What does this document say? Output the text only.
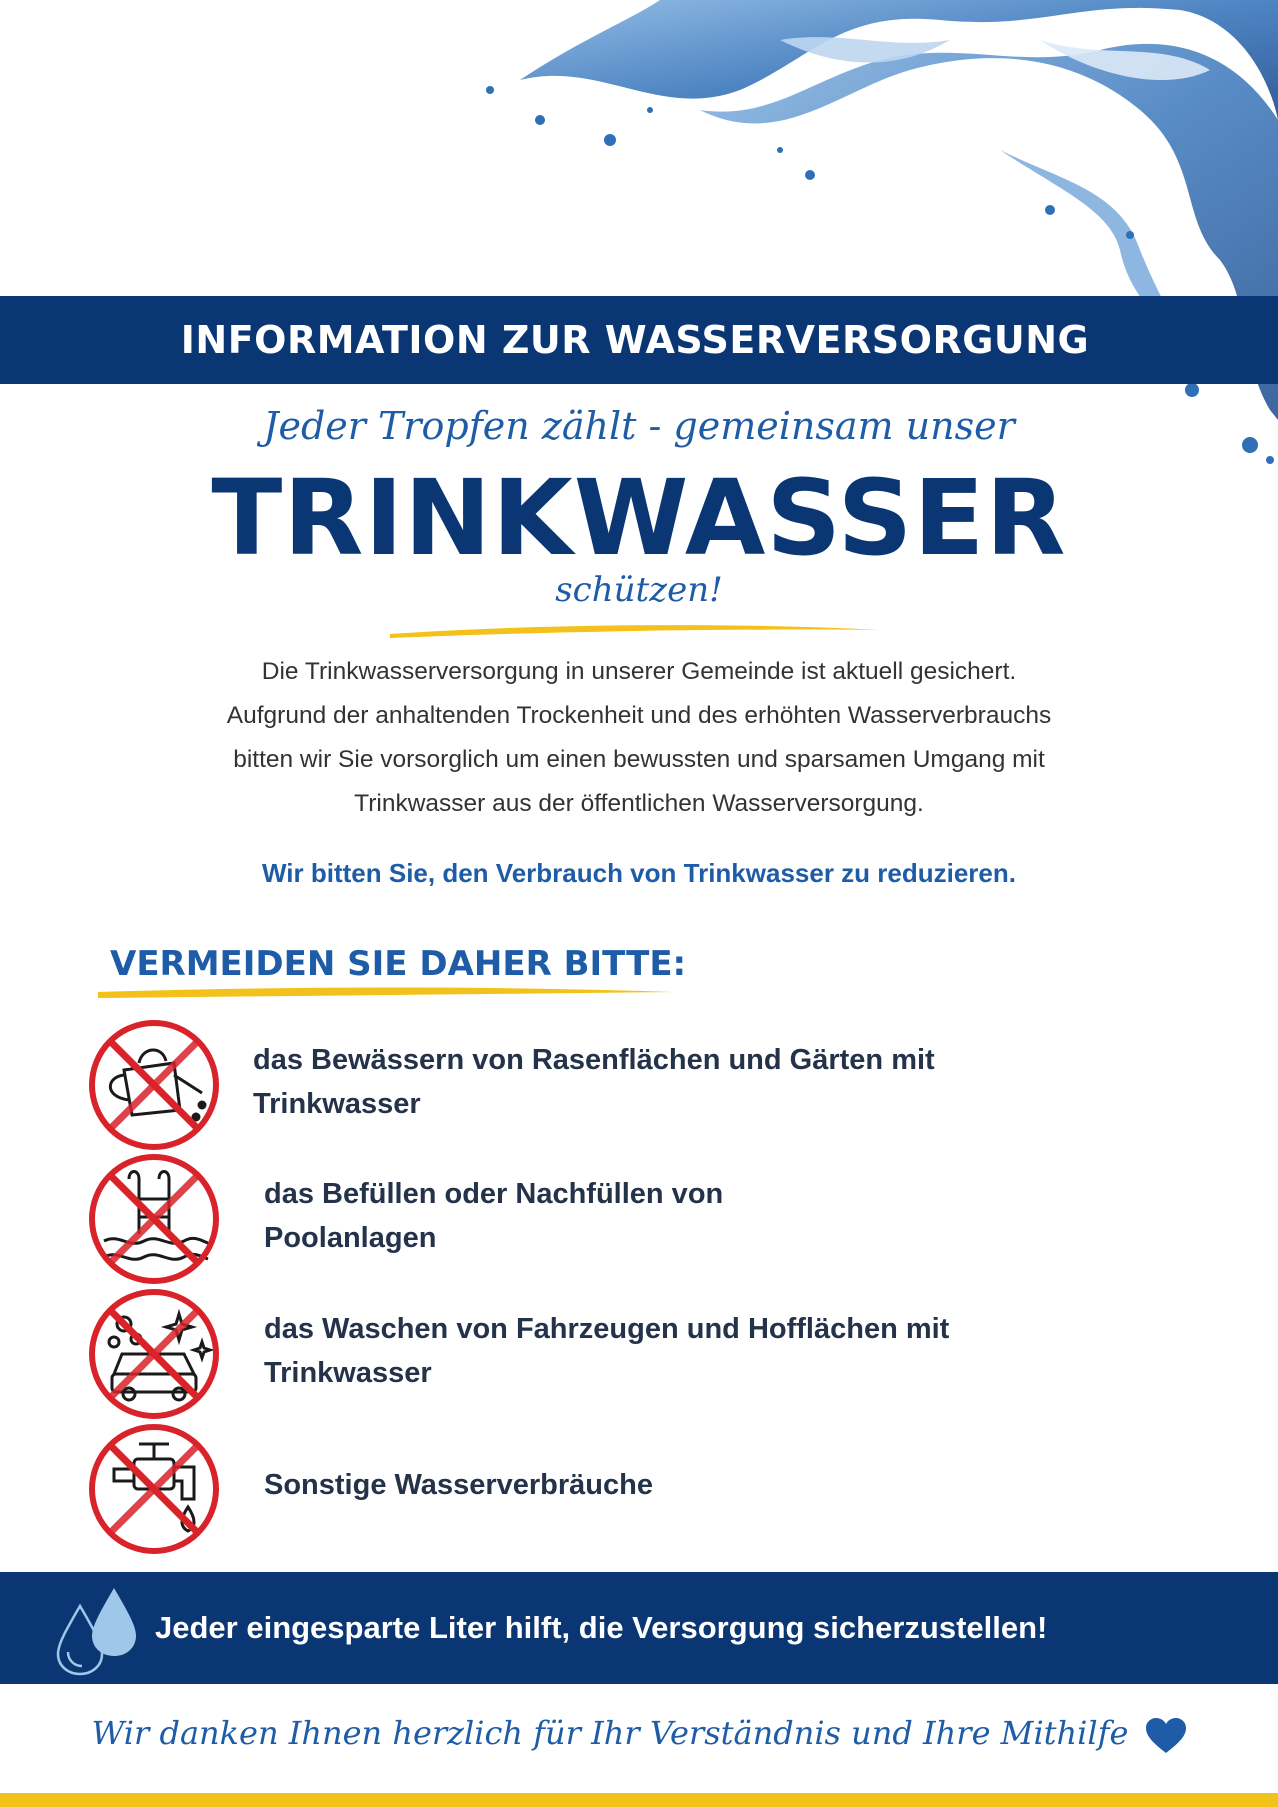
INFORMATION ZUR WASSERVERSORGUNG
Jeder Tropfen zählt - gemeinsam unser
TRINKWASSER
schützen!
Die Trinkwasserversorgung in unserer Gemeinde ist aktuell gesichert.
Aufgrund der anhaltenden Trockenheit und des erhöhten Wasserverbrauchs
bitten wir Sie vorsorglich um einen bewussten und sparsamen Umgang mit
Trinkwasser aus der öffentlichen Wasserversorgung.
Wir bitten Sie, den Verbrauch von Trinkwasser zu reduzieren.
VERMEIDEN SIE DAHER BITTE:
das Bewässern von Rasenflächen und Gärten mit
Trinkwasser
das Befüllen oder Nachfüllen von
Poolanlagen
das Waschen von Fahrzeugen und Hofflächen mit
Trinkwasser
Sonstige Wasserverbräuche
Jeder eingesparte Liter hilft, die Versorgung sicherzustellen!
Wir danken Ihnen herzlich für Ihr Verständnis und Ihre Mithilfe
